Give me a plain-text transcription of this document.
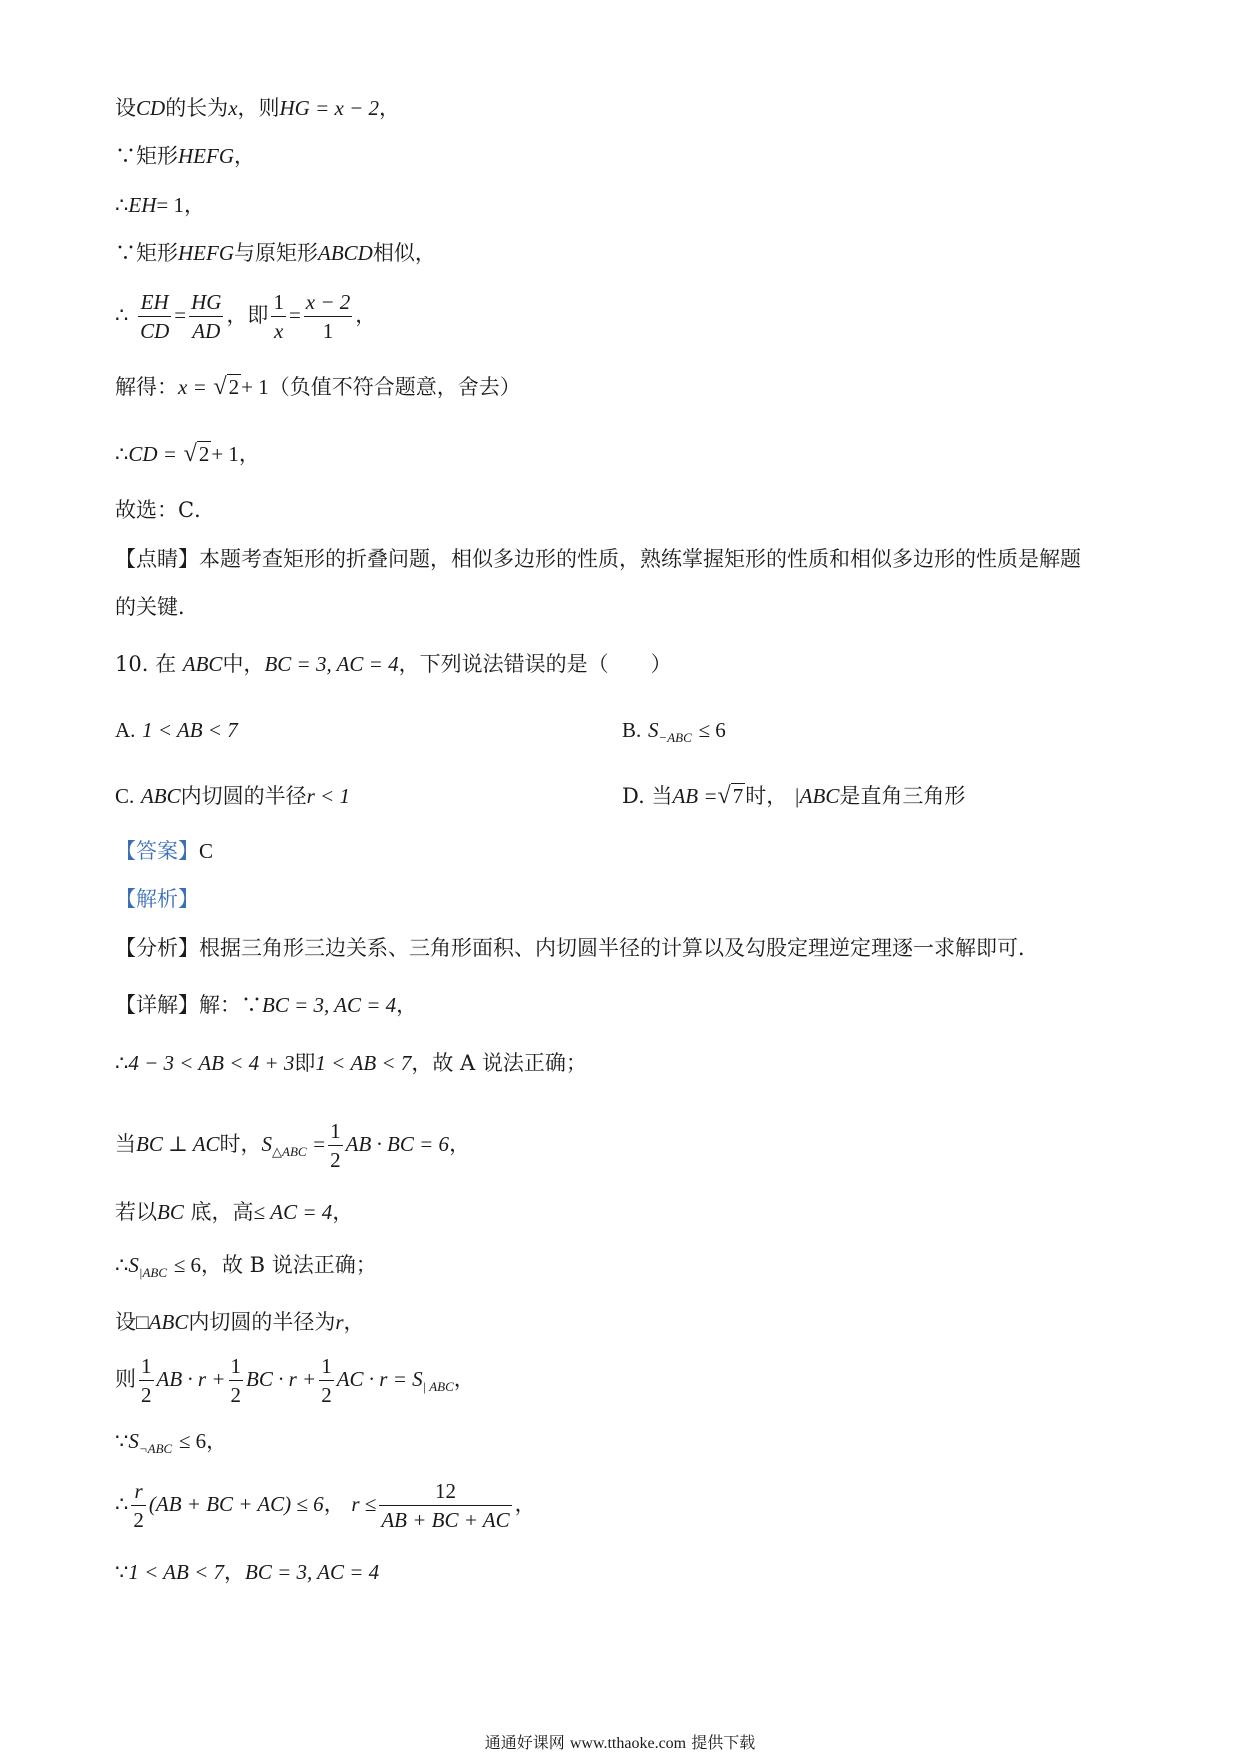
设CD的长为x，则HG = x − 2，
∵矩形HEFG，
∴EH= 1，
∵矩形HEFG与原矩形ABCD相似，
∴ $\frac{EH}{CD} = \frac{HG}{AD}$ ，即 $\frac{1}{x} = \frac{x - 2}{1}$ ，
解得：x = √2+ 1（负值不符合题意，舍去）
∴CD = √2+ 1，
故选：C．
【点睛】本题考查矩形的折叠问题，相似多边形的性质，熟练掌握矩形的性质和相似多边形的性质是解题
的关键．
10. 在 ABC中，BC = 3, AC = 4，下列说法错误的是（　　）
A. 1 < AB < 7	B. $S_{-ABC} \le 6$
C. ABC内切圆的半径r < 1	D. 当AB =√7时， |ABC是直角三角形
【答案】C
【解析】
【分析】根据三角形三边关系、三角形面积、内切圆半径的计算以及勾股定理逆定理逐一求解即可．
【详解】解：∵BC = 3, AC = 4，
∴4 − 3 < AB < 4 + 3即1 < AB < 7，故 A 说法正确；
当BC ⊥ AC时，$S_{\triangle ABC} = \frac{1}{2}$ AB · BC = 6，
若以BC 底，高≤ AC = 4，
$\therefore S_{|ABC} \le 6$，故 B 说法正确；
设□ABC内切圆的半径为r，
则 $\frac{1}{2}$ AB · $r + \frac{1}{2}$ BC · $r + \frac{1}{2}$ AC · $r = S_{| ABC}$，
$\because S_{\neg ABC} \le 6$，
∴ $\frac{r}{2} (AB$ + BC + AC) ≤ 6， $r \le \frac{12}{AB + BC + AC}$ ，
∵1 < AB < 7，BC = 3, AC = 4
通通好课网 www.tthaoke.com 提供下载
